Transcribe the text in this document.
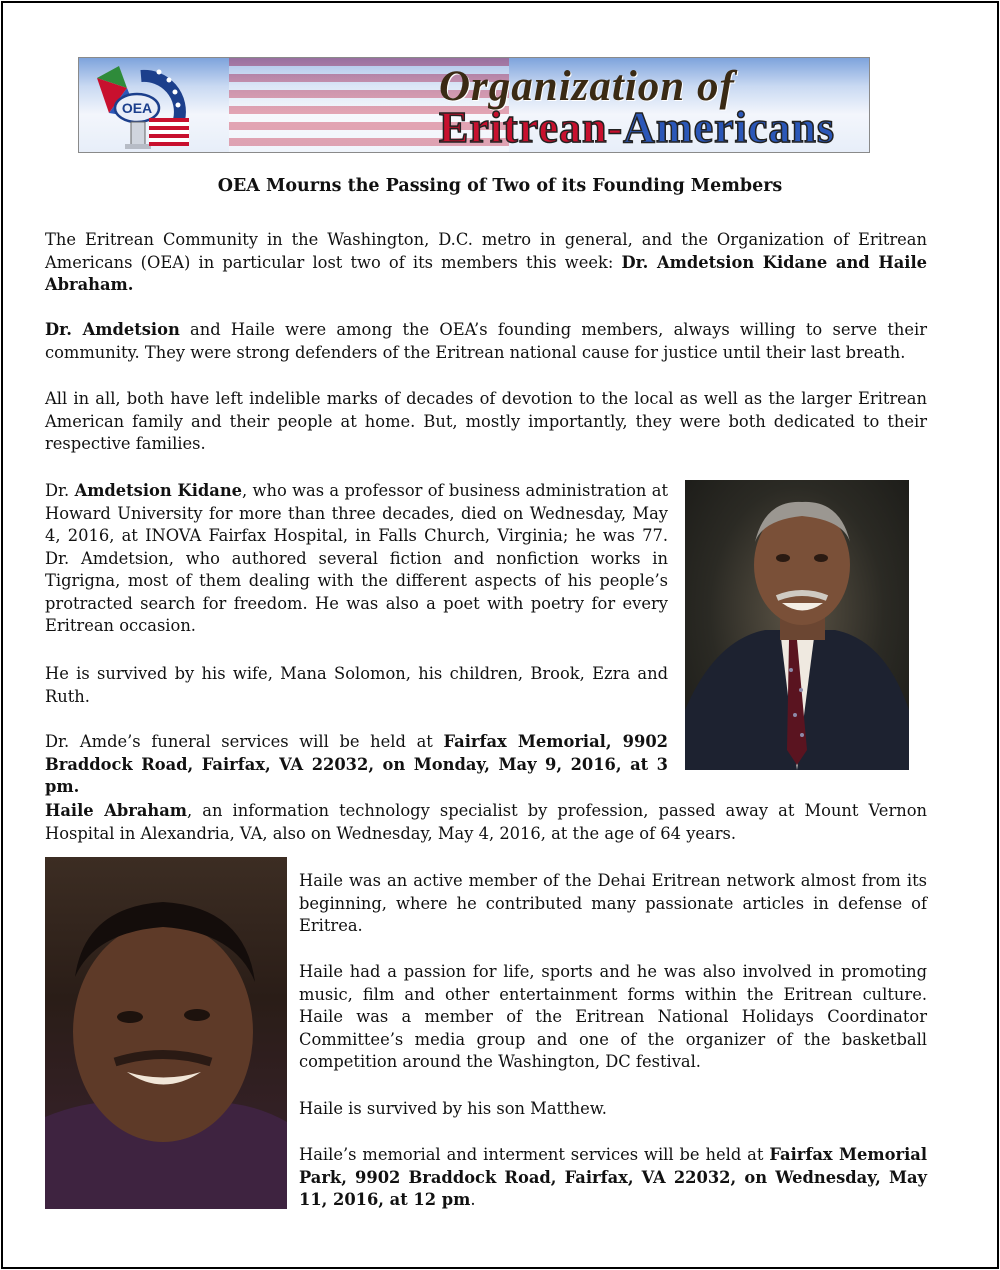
OEA	Organization of
Eritrean-Americans
OEA Mourns the Passing of Two of its Founding Members

The Eritrean Community in the Washington, D.C. metro in general, and the Organization of Eritrean Americans (OEA) in particular lost two of its members this week: Dr. Amdetsion Kidane and Haile Abraham.

Dr. Amdetsion and Haile were among the OEA’s founding members, always willing to serve their community. They were strong defenders of the Eritrean national cause for justice until their last breath.

All in all, both have left indelible marks of decades of devotion to the local as well as the larger Eritrean American family and their people at home. But, mostly importantly, they were both dedicated to their respective families.

Dr. Amdetsion Kidane, who was a professor of business administration at Howard University for more than three decades, died on Wednesday, May 4, 2016, at INOVA Fairfax Hospital, in Falls Church, Virginia; he was 77. Dr. Amdetsion, who authored several fiction and nonfiction works in Tigrigna, most of them dealing with the different aspects of his people’s protracted search for freedom. He was also a poet with poetry for every Eritrean occasion.

He is survived by his wife, Mana Solomon, his children, Brook, Ezra and Ruth.

Dr. Amde’s funeral services will be held at Fairfax Memorial, 9902 Braddock Road, Fairfax, VA 22032, on Monday, May 9, 2016, at 3 pm.

Haile Abraham, an information technology specialist by profession, passed away at Mount Vernon Hospital in Alexandria, VA, also on Wednesday, May 4, 2016, at the age of 64 years.

Haile was an active member of the Dehai Eritrean network almost from its beginning, where he contributed many passionate articles in defense of Eritrea.

Haile had a passion for life, sports and he was also involved in promoting music, film and other entertainment forms within the Eritrean culture. Haile was a member of the Eritrean National Holidays Coordinator Committee’s media group and one of the organizer of the basketball competition around the Washington, DC festival.

Haile is survived by his son Matthew.

Haile’s memorial and interment services will be held at Fairfax Memorial Park, 9902 Braddock Road, Fairfax, VA 22032, on Wednesday, May 11, 2016, at 12 pm.
